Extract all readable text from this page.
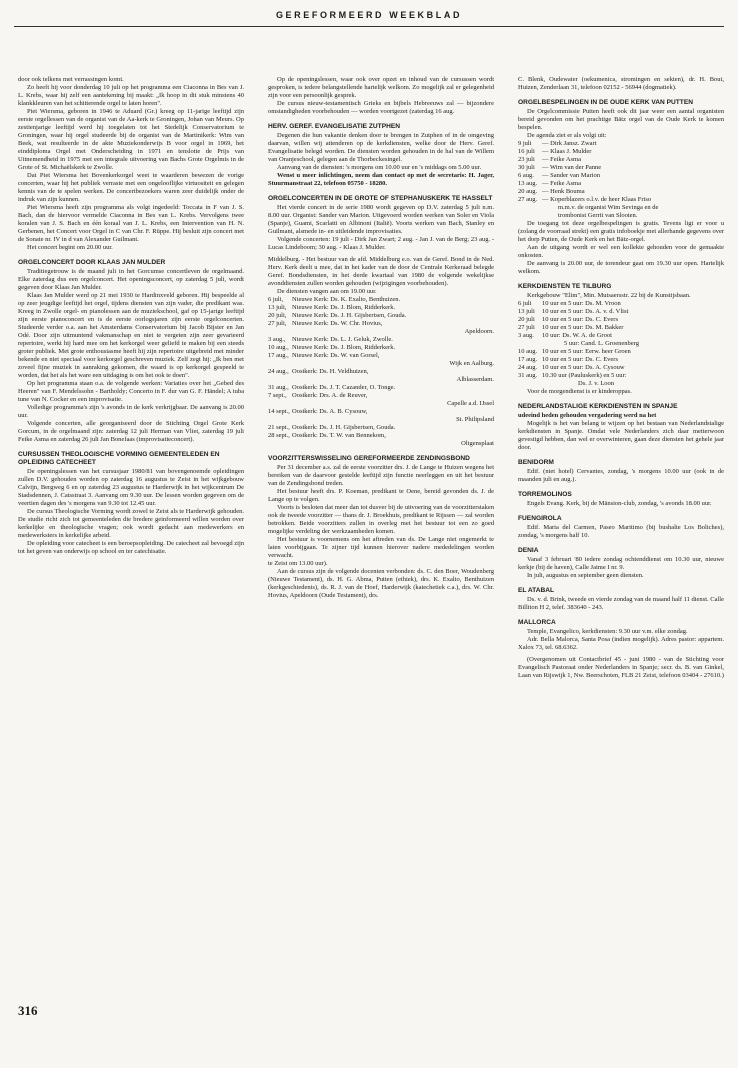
GEREFORMEERD WEEKBLAD

door ook telkens met verrassingen komt.

Zo heeft hij voor donderdag 10 juli op het programma een Ciaconna in Bes van J. L. Krebs, waar hij zelf een aantekening bij maakt: „Ik hoop in dit stuk minstens 40 klankkleuren van het schitterende orgel te laten horen".

Piet Wiersma, geboren in 1946 te Aduard (Gr.) kreeg op 11-jarige leeftijd zijn eerste orgellessen van de organist van de Aa-kerk te Groningen, Johan van Meurs. Op zestienjarige leeftijd werd hij toegelaten tot het Stedelijk Conservatorium te Groningen, waar hij orgel studeerde bij de organist van de Martinikerk: Wim van Beek, wat resulteerde in de akte Muziekonderwijs B voor orgel in 1969, het einddiploma Orgel met Onderscheiding in 1971 en tenslotte de Prijs van Uitnemendheid in 1975 met een integrale uitvoering van Bachs Grote Orgelmis in de Grote of St. Michaëlskerk te Zwolle.

Dat Piet Wiersma het Bovenkerkorgel weet te waarderen bewezen de vorige concerten, waar hij het publiek verraste met een ongelooflijke virtuositeit en gelegen kennis van de te spelen werken. De concertbezoekers waren zeer duidelijk onder de indruk van zijn kunnen.

Piet Wiersma heeft zijn programma als volgt ingedeeld: Toccata in F van J. S. Bach, dan de hiervoor vermelde Ciaconna in Bes van L. Krebs. Vervolgens twee koralen van J. S. Bach en één koraal van J. L. Krebs, een Intervention van H. N. Gerbenen, het Concert voor Orgel in C van Chr. F. Rüppe. Hij besluit zijn concert met de Sonate nr. IV in d van Alexander Guilmant.

Het concert begint om 20.00 uur.

ORGELCONCERT DOOR KLAAS JAN MULDER

Traditiegetrouw is de maand juli in het Gorcumse concertleven de orgelmaand. Elke zaterdag dus een orgelconcert. Het openingsconcert, op zaterdag 5 juli, wordt gegeven door Klaas Jan Mulder.

Klaas Jan Mulder werd op 21 mei 1930 te Hardinxveld geboren. Hij bespeelde al op zeer jeugdige leeftijd het orgel, tijdens diensten van zijn vader, die predikant was. Kreeg in Zwolle orgel- en pianolessen aan de muziekschool, gaf op 15-jarige leeftijd zijn eerste pianoconcert en is de eerste oorlogsjaren zijn eerste orgelconcerten. Studeerde verder o.a. aan het Amsterdams Conservatorium bij Jacob Bijster en Jan Odé. Door zijn uitmuntend vakmanschap en niet te vergeten zijn zeer gevarieerd repertoire, werkt hij hard mee om het kerkorgel weer geliefd te maken bij een steeds groter publiek. Met grote enthousiasme heeft hij zijn repertoire uitgebreid met minder bekende en niet speciaal voor kerkorgel geschreven muziek. Zelf zegt hij: „Ik ben met zoveel fijne muziek in aanraking gekomen, die waard is op kerkorgel gespeeld te worden, dat het als het ware een uitdaging is om het ook te doen".

Op het programma staan o.a. de volgende werken: Variaties over het „Gebed des Heeren" van F. Mendelssohn - Bartholdy; Concerto in F. dur van G. F. Händel; A tuba tune van N. Cocker en een improvisatie.

Volledige programma's zijn 's avonds in de kerk verkrijgbaar. De aanvang is 20.00 uur.

Volgende concerten, alle georganiseerd door de Stichting Orgel Grote Kerk Gorcum, in de orgelmaand zijn: zaterdag 12 juli Herman van Vliet, zaterdag 19 juli Feike Asma en zaterdag 26 juli Jan Bonefaas (improvisatieconcert).

CURSUSSEN THEOLOGISCHE VORMING GEMEENTELEDEN EN OPLEIDING CATECHEET

De openingslessen van het cursusjaar 1980/81 van bovengenoemde opleidingen zullen D.V. gehouden worden op zaterdag 16 augustus te Zeist in het wijkgebouw Calvijn, Bergweg 6 en op zaterdag 23 augustus te Harderwijk in het wijkcentrum De Stadsdennen, J. Catsstraat 3. Aanvang om 9.30 uur. De lessen worden gegeven om de veertien dagen des 's morgens van 9.30 tot 12.45 uur.

De cursus Theologische Vorming wordt zowel te Zeist als te Harderwijk gehouden. De studie richt zich tot gemeenteleden die bredere geinformeerd willen worden over kerkelijke en theologische vragen; ook wordt gedacht aan medewerkers en medewerksters in kerkelijke arbeid.

De opleiding voor catecheet is een beroepsopleiding. De catecheet zal bevoegd zijn tot het geven van onderwijs op school en ter catechisatie.

Op de openingslessen, waar ook over opzet en inhoud van de cursussen wordt gesproken, is iedere belangstellende hartelijk welkom. Zo mogelijk zal er gelegenheid zijn voor een persoonlijk gesprek.

De cursus nieuw-testamentisch Grieks en bijbels Hebreeuws zal — bijzondere omstandigheden voorbehouden — worden voortgezet (zaterdag 16 aug.

HERV. GEREF. EVANGELISATIE ZUTPHEN

Degenen die hun vakantie denken door te brengen in Zutphen of in de omgeving daarvan, willen wij attenderen op de kerkdiensten, welke door de Herv. Geref. Evangelisatie belegd worden. De diensten worden gehouden in de hal van de Willem van Oranjeschool, gelegen aan de Thorbeckesingel.

Aanvang van de diensten: 's morgens om 10.00 uur en 's middags om 5.00 uur.

Wenst u meer inlichtingen, neem dan contact op met de secretaris: H. Jager, Stuurmanstraat 22, telefoon 05750 - 18280.

ORGELCONCERTEN IN DE GROTE OF STEPHANUSKERK TE HASSELT

Het vierde concert in de serie 1980 wordt gegeven op D.V. zaterdag 5 juli n.m. 8.00 uur. Organist: Sander van Marion. Uitgevoerd worden werken van Soler en Viola (Spanje), Guami, Scarlatti en Albinoni (Italië). Voorts werken van Bach, Stanley en Guilmant, alsmede in- en uitleidende improvisaties.

Volgende concerten: 19 juli - Dirk Jan Zwart; 2 aug. - Jan J. van de Berg; 23 aug. - Lucas Lindeboom; 30 aug. - Klaas J. Mulder.

Middelburg. - Het bestuur van de afd. Middelburg e.o. van de Geref. Bond in de Ned. Herv. Kerk deelt u mee, dat in het kader van de door de Centrale Kerkeraad belegde Geref. Bondsdiensten, in het derde kwartaal van 1980 de volgende wekelijkse avonddiensten zullen worden gehouden (wijzigingen voorbehouden).

De diensten vangen aan om 19.00 uur.

6 juli,	Nieuwe Kerk: Ds. K. Exalto, Benthuizen.
13 juli, Nieuwe Kerk: Ds. J. Blom, Ridderkerk.
20 juli, Nieuwe Kerk: Ds. J. H. Gijsbertsen, Gouda.
27 juli, Nieuwe Kerk: Ds. W. Chr. Hovius,
Apeldoorn.
3 aug., Nieuwe Kerk: Ds. L. J. Geluk, Zwolle.
10 aug., Nieuwe Kerk: Ds. J. Blom, Ridderkerk.
17 aug., Nieuwe Kerk: Ds. W. van Gorsel,
Wijk en Aalburg.
24 aug., Oostkerk: Ds. H. Veldhuizen,
Alblasserdam.
31 aug., Oostkerk: Ds. J. T. Cazander, O. Tonge.
7 sept., Oostkerk: Drs. A. de Reuver,
Capelle a.d. IJssel
14 sept., Oostkerk: Ds. A. B. Cysouw,
St. Philipsland
21 sept., Oostkerk: Ds. J. H. Gijsbertsen, Gouda.
28 sept., Oostkerk: Ds. T. W. van Bennekom,
Oltgensplaat
VOORZITTERSWISSELING GEREFORMEERDE ZENDINGSBOND

Per 31 december a.s. zal de eerste voorzitter drs. J. de Lange te Huizen wegens het bereiken van de daarvoor gestelde leeftijd zijn functie neerleggen en uit het bestuur van de Zendingsbond treden.

Het bestuur heeft drs. P. Koeman, predikant te Oene, bereid gevonden ds. J. de Lange op te volgen.

Voorts is besloten dat meer dan tot dusver bij de uitvoering van de voorzitterstaken ook de tweede voorzitter — thans dr. J. Broekhuis, predikant te Rijssen — zal worden betrokken. Beide voorzitters zullen in overleg met het bestuur tot een zo goed mogelijke verdeling der werkzaamheden komen.

Het bestuur is voornemens om het aftreden van ds. De Lange niet ongemerkt te laten voorbijgaan. Te zijner tijd kunnen hierover nadere mededelingen worden verwacht.

te Zeist om 13.00 uur).

Aan de cursus zijn de volgende docenten verbonden: ds. C. den Boer, Woudenberg (Nieuwe Testament), ds. H. G. Abma, Putten (ethiek), drs. K. Exalto, Benthuizen (kerkgeschiedenis), ds. R. J. van de Hoef, Harderwijk (katechetiek c.a.), drs. W. Chr. Hovius, Apeldoorn (Oude Testament), drs.

C. Blenk, Oudewater (oekumenica, stromingen en sekten), dr. H. Bout, Huizen, Zenderlaan 31, telefoon 02152 - 56944 (dogmatiek).

ORGELBESPELINGEN IN DE OUDE KERK VAN PUTTEN

De Orgelcommissie Putten heeft ook dit jaar weer een aantal organisten bereid gevonden om het prachtige Bätz orgel van de Oude Kerk te komen bespelen.

De agenda ziet er als volgt uit:

9 juli	— Dirk Jansz. Zwart
16 juli	— Klaas J. Mulder
23 juli	— Feike Asma
30 juli	— Wim van der Panne
6 aug.	— Sander van Marion
13 aug. — Feike Asma
20 aug. — Henk Bouma
27 aug. — Koperblazers o.l.v. de heer Klaas Friso
m.m.v. de organist Wim Sevinga en de
trombonist Gerrit van Slooten.

De toegang tot deze orgelbespelingen is gratis. Tevens ligt er voor u (zolang de voorraad strekt) een gratis infoboekje met allerhande gegevens over het dorp Putten, de Oude Kerk en het Bätz-orgel.

Aan de uitgang wordt er wel een kollekte gehouden voor de gemaakte onkosten.

De aanvang is 20.00 uur, de torendeur gaat om 19.30 uur open. Hartelijk welkom.

KERKDIENSTEN TE TILBURG

Kerkgebouw "Elim", Min. Mutsaersstr. 22 bij de Kunstijsbaan.

6 juli	10 uur en 5 uur: Ds. M. Vroon
13 juli	10 uur en 5 uur: Ds. A. v. d. Vlist
20 juli	10 uur en 5 uur: Ds. C. Evers
27 juli	10 uur en 5 uur: Ds. M. Bakker
3 aug.	10 uur: Ds. W. A. de Groot
5 uur: Cand. L. Groenenberg
10 aug. 10 uur en 5 uur: Eerw. heer Groen
17 aug. 10 uur en 5 uur: Ds. C. Evers
24 aug. 10 uur en 5 uur: Ds. A. Cysouw
31 aug. 10.30 uur (Pauluskerk) en 5 uur:
Ds. J. v. Loon

Voor de morgendienst is er kinderoppas.

NEDERLANDSTALIGE KERKDIENSTEN IN SPANJE

udeeind heden gehouden vergadering werd na het

Mogelijk is het van belang te wijzen op het bestaan van Nederlandstalige kerkdiensten in Spanje. Omdat vele Nederlanders zich daar metterwoon gevestigd hebben, dan wel er overwinteren, gaan deze diensten het gehele jaar door.

BENIDORM

Edif. (niet hotel) Cervantes, zondag, 's morgens 10.00 uur (ook in de maanden juli en aug.).

TORREMOLINOS

Engels Evang. Kerk, bij de Mänsion-club, zondag, 's avonds 18.00 uur.

FUENGIROLA

Edif. Maria del Carmen, Paseo Maritimo (bij bushalte Los Boliches), zondag, 's morgens half 10.

DENIA

Vanaf 3 februari '80 iedere zondag ochtenddienst om 10.30 uur, nieuwe kerkje (bij de haven), Calle Jaime I nr. 9.

In juli, augustus en september geen diensten.

EL ATABAL

Ds. v. d. Brink, tweede en vierde zondag van de maand half 11 dienst. Calle Billiton H 2, telef. 383640 - 243.

MALLORCA

Temple, Evangelico, kerkdiensten: 9.30 uur v.m. elke zondag.

Adr. Bella Malorca, Santa Posa (indien mogelijk). Adres pastor: appartem. Xalox 73, tel. 68.6362.

(Overgenomen uit Contactbrief 45 - juni 1980 - van de Stichting voor Evangelisch Pastoraat onder Nederlanders in Spanje; secr. ds. B. van Ginkel, Laan van Rijswijk 1, Nw. Beerschoten, FLB 21 Zeist, telefoon 03404 - 27610.)

316
